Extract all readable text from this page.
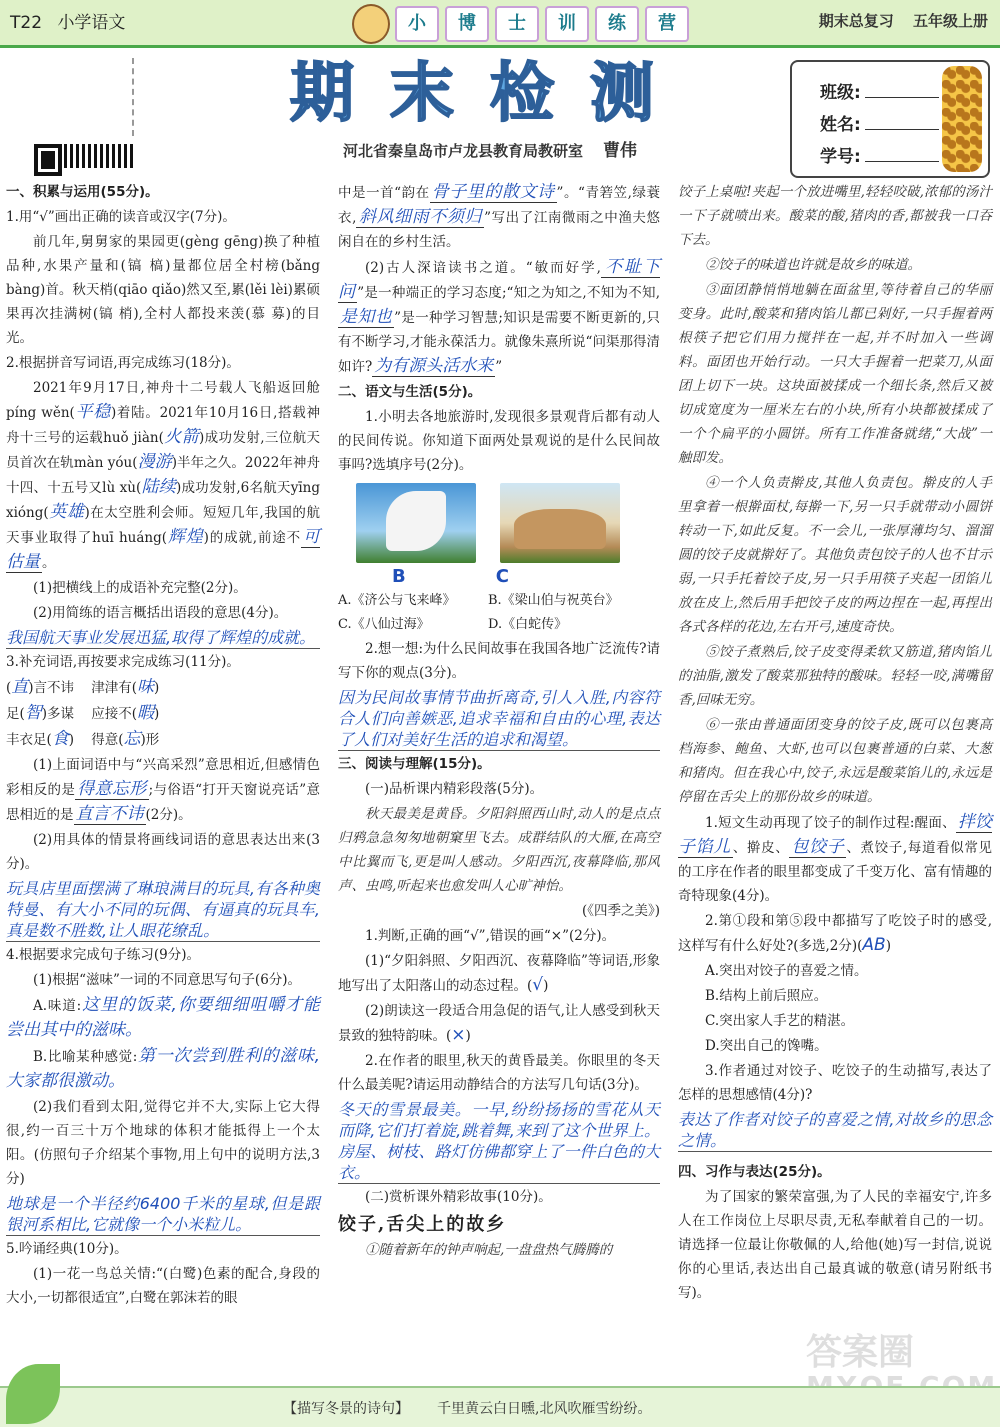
T22 小学语文	小	博	士	训	练	营	期末总复习 五年级上册
期末检测
河北省秦皇岛市卢龙县教育局教研室 曹伟
班级:
姓名:
学号:

一、积累与运用(55分)。

1.用“√”画出正确的读音或汉字(7分)。

前几年,舅舅家的果园更(gèng gēng)换了种植品种,水果产量和(镐 槁)量都位居全村榜(bǎng bàng)首。秋天梢(qiāo qiǎo)然又至,累(lěi lèi)累硕果再次挂满树(镐 梢),全村人都投来羡(慕 募)的目光。

2.根据拼音写词语,再完成练习(18分)。

2021年9月17日,神舟十二号载人飞船返回舱píng wěn(平稳)着陆。2021年10月16日,搭载神舟十三号的运载huǒ jiàn(火箭)成功发射,三位航天员首次在轨màn yóu(漫游)半年之久。2022年神舟十四、十五号又lù xù(陆续)成功发射,6名航天yīng xióng(英雄)在太空胜利会师。短短几年,我国的航天事业取得了huī huáng(辉煌)的成就,前途不 可估量 。

(1)把横线上的成语补充完整(2分)。

(2)用简练的语言概括出语段的意思(4分)。

我国航天事业发展迅猛,取得了辉煌的成就。

3.补充词语,再按要求完成练习(11分)。

(直)言不讳 津津有(味)

足(智)多谋 应接不(暇)

丰衣足(食) 得意(忘)形

(1)上面词语中与“兴高采烈”意思相近,但感情色彩相反的是 得意忘形 ;与俗语“打开天窗说亮话”意思相近的是 直言不讳 (2分)。

(2)用具体的情景将画线词语的意思表达出来(3分)。

玩具店里面摆满了琳琅满目的玩具,有各种奥特曼、有大小不同的玩偶、有逼真的玩具车,真是数不胜数,让人眼花缭乱。

4.根据要求完成句子练习(9分)。

(1)根据“滋味”一词的不同意思写句子(6分)。

A.味道:这里的饭菜,你要细细咀嚼才能尝出其中的滋味。

B.比喻某种感觉:第一次尝到胜利的滋味,大家都很激动。

(2)我们看到太阳,觉得它并不大,实际上它大得很,约一百三十万个地球的体积才能抵得上一个太阳。(仿照句子介绍某个事物,用上句中的说明方法,3分)

地球是一个半径约6400千米的星球,但是跟银河系相比,它就像一个小米粒儿。

5.吟诵经典(10分)。

(1)一花一鸟总关情:“(白鹭)色素的配合,身段的大小,一切都很适宜”,白鹭在郭沫若的眼

中是一首“韵在 骨子里的散文诗 ”。“青箬笠,绿蓑衣, 斜风细雨不须归 ”写出了江南微雨之中渔夫悠闲自在的乡村生活。

(2)古人深谙读书之道。“敏而好学, 不耻下问 ”是一种端正的学习态度;“知之为知之,不知为不知,是知也 ”是一种学习智慧;知识是需要不断更新的,只有不断学习,才能永葆活力。就像朱熹所说“问渠那得清如许? 为有源头活水来 ”

二、语文与生活(5分)。

1.小明去各地旅游时,发现很多景观背后都有动人的民间传说。你知道下面两处景观说的是什么民间故事吗?选填序号(2分)。

B	C
A.《济公与飞来峰》	B.《梁山伯与祝英台》
C.《八仙过海》	D.《白蛇传》

2.想一想:为什么民间故事在我国各地广泛流传?请写下你的观点(3分)。

因为民间故事情节曲折离奇,引人入胜,内容符合人们向善嫉恶,追求幸福和自由的心理,表达了人们对美好生活的追求和渴望。

三、阅读与理解(15分)。

(一)品析课内精彩段落(5分)。

秋天最美是黄昏。夕阳斜照西山时,动人的是点点归鸦急急匆匆地朝窠里飞去。成群结队的大雁,在高空中比翼而飞,更是叫人感动。夕阳西沉,夜幕降临,那风声、虫鸣,听起来也愈发叫人心旷神怡。

(《四季之美》)

1.判断,正确的画“√”,错误的画“×”(2分)。

(1)“夕阳斜照、夕阳西沉、夜幕降临”等词语,形象地写出了太阳落山的动态过程。(√)

(2)朗读这一段适合用急促的语气,让人感受到秋天景致的独特韵味。(×)

2.在作者的眼里,秋天的黄昏最美。你眼里的冬天什么最美呢?请运用动静结合的方法写几句话(3分)。

冬天的雪景最美。一早,纷纷扬扬的雪花从天而降,它们打着旋,跳着舞,来到了这个世界上。房屋、树枝、路灯仿佛都穿上了一件白色的大衣。

(二)赏析课外精彩故事(10分)。

饺子,舌尖上的故乡

①随着新年的钟声响起,一盘盘热气腾腾的

饺子上桌啦!夹起一个放进嘴里,轻轻咬破,浓郁的汤汁一下子就喷出来。酸菜的酸,猪肉的香,都被我一口吞下去。

②饺子的味道也许就是故乡的味道。

③面团静悄悄地躺在面盆里,等待着自己的华丽变身。此时,酸菜和猪肉馅儿都已剁好,一只手握着两根筷子把它们用力搅拌在一起,并不时加入一些调料。面团也开始行动。一只大手握着一把菜刀,从面团上切下一块。这块面被揉成一个细长条,然后又被切成宽度为一厘米左右的小块,所有小块都被揉成了一个个扁平的小圆饼。所有工作准备就绪,“大战”一触即发。

④一个人负责擀皮,其他人负责包。擀皮的人手里拿着一根擀面杖,每擀一下,另一只手就带动小圆饼转动一下,如此反复。不一会儿,一张厚薄均匀、溜溜圆的饺子皮就擀好了。其他负责包饺子的人也不甘示弱,一只手托着饺子皮,另一只手用筷子夹起一团馅儿放在皮上,然后用手把饺子皮的两边捏在一起,再捏出各式各样的花边,左右开弓,速度奇快。

⑤饺子煮熟后,饺子皮变得柔软又筋道,猪肉馅儿的油脂,激发了酸菜那独特的酸味。轻轻一咬,满嘴留香,回味无穷。

⑥一张由普通面团变身的饺子皮,既可以包裹高档海参、鲍鱼、大虾,也可以包裹普通的白菜、大葱和猪肉。但在我心中,饺子,永远是酸菜馅儿的,永远是停留在舌尖上的那份故乡的味道。

1.短文生动再现了饺子的制作过程:醒面、 拌饺子馅儿 、擀皮、 包饺子 、煮饺子,每道看似常见的工序在作者的眼里都变成了千变万化、富有情趣的奇特现象(4分)。

2.第①段和第⑤段中都描写了吃饺子时的感受,这样写有什么好处?(多选,2分)(AB)

A.突出对饺子的喜爱之情。

B.结构上前后照应。

C.突出家人手艺的精湛。

D.突出自己的馋嘴。

3.作者通过对饺子、吃饺子的生动描写,表达了怎样的思想感情(4分)?

表达了作者对饺子的喜爱之情,对故乡的思念之情。

四、习作与表达(25分)。

为了国家的繁荣富强,为了人民的幸福安宁,许多人在工作岗位上尽职尽责,无私奉献着自己的一切。请选择一位最让你敬佩的人,给他(她)写一封信,说说你的心里话,表达出自己最真诚的敬意(请另附纸书写)。

答案圈
【描写冬景的诗句】 千里黄云白日曛,北风吹雁雪纷纷。
